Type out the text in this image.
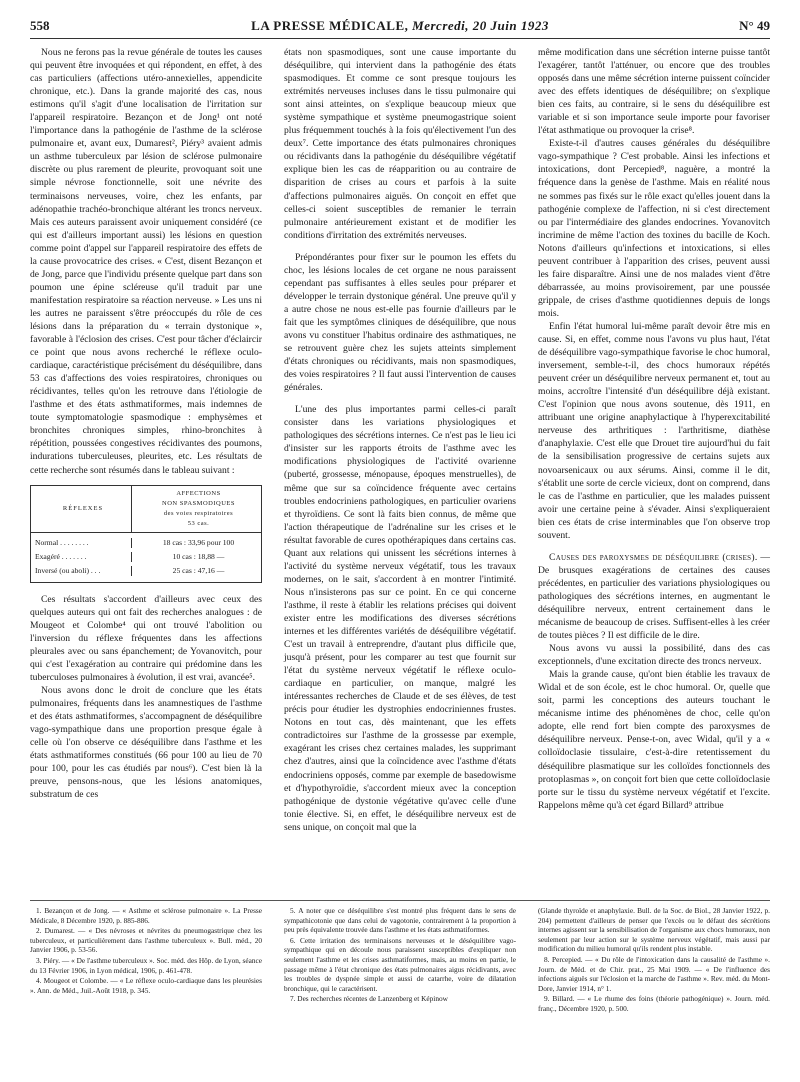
558	LA PRESSE MÉDICALE, Mercredi, 20 Juin 1923	N° 49

Nous ne ferons pas la revue générale de toutes les causes qui peuvent être invoquées et qui répondent, en effet, à des cas particuliers (affections utéro-annexielles, appendicite chronique, etc.). Dans la grande majorité des cas, nous estimons qu'il s'agit d'une localisation de l'irritation sur l'appareil respiratoire. Bezançon et de Jong¹ ont noté l'importance dans la pathogénie de l'asthme de la sclérose pulmonaire et, avant eux, Dumarest², Piéry³ avaient admis un asthme tuberculeux par lésion de sclérose pulmonaire discrète ou plus rarement de pleurite, provoquant soit une simple névrose fonctionnelle, soit une névrite des terminaisons nerveuses, voire, chez les enfants, par adénopathie trachéo-bronchique altérant les troncs nerveux. Mais ces auteurs paraissent avoir uniquement considéré (ce qui est d'ailleurs important aussi) les lésions en question comme point d'appel sur l'appareil respiratoire des effets de la cause provocatrice des crises. « C'est, disent Bezançon et de Jong, parce que l'individu présente quelque part dans son poumon une épine scléreuse qu'il traduit par une manifestation respiratoire sa réaction nerveuse. » Les uns ni les autres ne paraissent s'être préoccupés du rôle de ces lésions dans la préparation du « terrain dystonique », favorable à l'éclosion des crises. C'est pour tâcher d'éclaircir ce point que nous avons recherché le réflexe oculo-cardiaque, caractéristique précisément du déséquilibre, dans 53 cas d'affections des voies respiratoires, chroniques ou récidivantes, telles qu'on les retrouve dans l'étiologie de l'asthme et des états asthmatiformes, mais indemnes de toute symptomatologie spasmodique : emphysèmes et bronchites chroniques simples, rhino-bronchites à répétition, poussées congestives récidivantes des poumons, indurations tuberculeuses, pleurites, etc. Les résultats de cette recherche sont résumés dans le tableau suivant :

RÉFLEXES
AFFECTIONS
NON SPASMODIQUES
des voies respiratoires
53 cas.
Normal . . . . . . . .	18 cas : 33,96 pour 100
Exagéré . . . . . . .	10 cas : 18,88 —
Inversé (ou aboli) . . .	25 cas : 47,16 —

Ces résultats s'accordent d'ailleurs avec ceux des quelques auteurs qui ont fait des recherches analogues : de Mougeot et Colombe⁴ qui ont trouvé l'abolition ou l'inversion du réflexe fréquentes dans les affections pleurales avec ou sans épanchement; de Yovanovitch, pour qui c'est l'exagération au contraire qui prédomine dans les tuberculoses pulmonaires à évolution, il est vrai, avancée⁵.

Nous avons donc le droit de conclure que les états pulmonaires, fréquents dans les anamnestiques de l'asthme et des états asthmatiformes, s'accompagnent de déséquilibre vago-sympathique dans une proportion presque égale à celle où l'on observe ce déséquilibre dans l'asthme et les états asthmatiformes constitués (66 pour 100 au lieu de 70 pour 100, pour les cas étudiés par nous⁶). C'est bien là la preuve, pensons-nous, que les lésions anatomiques, substratum de ces

états non spasmodiques, sont une cause importante du déséquilibre, qui intervient dans la pathogénie des états spasmodiques. Et comme ce sont presque toujours les extrémités nerveuses incluses dans le tissu pulmonaire qui sont ainsi atteintes, on s'explique beaucoup mieux que système sympathique et système pneumogastrique soient plus fréquemment touchés à la fois qu'électivement l'un des deux⁷. Cette importance des états pulmonaires chroniques ou récidivants dans la pathogénie du déséquilibre végétatif explique bien les cas de réapparition ou au contraire de disparition de crises au cours et parfois à la suite d'affections pulmonaires aiguës. On conçoit en effet que celles-ci soient susceptibles de remanier le terrain pulmonaire antérieurement existant et de modifier les conditions d'irritation des extrémités nerveuses.

Prépondérantes pour fixer sur le poumon les effets du choc, les lésions locales de cet organe ne nous paraissent cependant pas suffisantes à elles seules pour préparer et développer le terrain dystonique général. Une preuve qu'il y a autre chose ne nous est-elle pas fournie d'ailleurs par le fait que les symptômes cliniques de déséquilibre, que nous avons vu constituer l'habitus ordinaire des asthmatiques, ne se retrouvent guère chez les sujets atteints simplement d'états chroniques ou récidivants, mais non spasmodiques, des voies respiratoires ? Il faut aussi l'intervention de causes générales.

L'une des plus importantes parmi celles-ci paraît consister dans les variations physiologiques et pathologiques des sécrétions internes. Ce n'est pas le lieu ici d'insister sur les rapports étroits de l'asthme avec les modifications physiologiques de l'activité ovarienne (puberté, grossesse, ménopause, époques menstruelles), de même que sur sa coïncidence fréquente avec certains troubles endocriniens pathologiques, en particulier ovariens et thyroïdiens. Ce sont là faits bien connus, de même que l'action thérapeutique de l'adrénaline sur les crises et le résultat favorable de cures opothérapiques dans certains cas. Quant aux relations qui unissent les sécrétions internes à l'activité du système nerveux végétatif, tous les travaux modernes, on le sait, s'accordent à en montrer l'intimité. Nous n'insisterons pas sur ce point. En ce qui concerne l'asthme, il reste à établir les relations précises qui doivent exister entre les modifications des diverses sécrétions internes et les différentes variétés de déséquilibre végétatif. C'est un travail à entreprendre, d'autant plus difficile que, jusqu'à présent, pour les comparer au test que fournit sur l'état du système nerveux végétatif le réflexe oculo-cardiaque en particulier, on manque, malgré les intéressantes recherches de Claude et de ses élèves, de test précis pour étudier les dystrophies endocriniennes frustes. Notons en tout cas, dès maintenant, que les effets contradictoires sur l'asthme de la grossesse par exemple, exagérant les crises chez certaines malades, les supprimant chez d'autres, ainsi que la coïncidence avec l'asthme d'états endocriniens opposés, comme par exemple de basedowisme et d'hypothyroïdie, s'accordent mieux avec la conception pathogénique de dystonie végétative qu'avec celle d'une tonie élective. Si, en effet, le déséquilibre nerveux est de sens unique, on conçoit mal que la

même modification dans une sécrétion interne puisse tantôt l'exagérer, tantôt l'atténuer, ou encore que des troubles opposés dans une même sécrétion interne puissent coïncider avec des effets identiques de déséquilibre; on s'explique bien ces faits, au contraire, si le sens du déséquilibre est variable et si son importance seule importe pour favoriser l'état asthmatique ou provoquer la crise⁸.

Existe-t-il d'autres causes générales du déséquilibre vago-sympathique ? C'est probable. Ainsi les infections et intoxications, dont Percepied⁸, naguère, a montré la fréquence dans la genèse de l'asthme. Mais en réalité nous ne sommes pas fixés sur le rôle exact qu'elles jouent dans la pathogénie complexe de l'affection, ni si c'est directement ou par l'intermédiaire des glandes endocrines. Yovanovitch incrimine de même l'action des toxines du bacille de Koch. Notons d'ailleurs qu'infections et intoxications, si elles peuvent contribuer à l'apparition des crises, peuvent aussi les faire disparaître. Ainsi une de nos malades vient d'être débarrassée, au moins provisoirement, par une poussée grippale, de crises d'asthme quotidiennes depuis de longs mois.

Enfin l'état humoral lui-même paraît devoir être mis en cause. Si, en effet, comme nous l'avons vu plus haut, l'état de déséquilibre vago-sympathique favorise le choc humoral, inversement, semble-t-il, des chocs humoraux répétés peuvent créer un déséquilibre nerveux permanent et, tout au moins, accroître l'intensité d'un déséquilibre déjà existant. C'est l'opinion que nous avons soutenue, dès 1911, en attribuant une origine anaphylactique à l'hyperexcitabilité nerveuse des arthritiques : l'arthritisme, diathèse d'anaphylaxie. C'est elle que Drouet tire aujourd'hui du fait de la sensibilisation progressive de certains sujets aux novoarsenicaux ou aux sérums. Ainsi, comme il le dit, s'établit une sorte de cercle vicieux, dont on comprend, dans le cas de l'asthme en particulier, que les malades puissent avoir une certaine peine à s'évader. Ainsi s'expliqueraient bien ces états de crise interminables que l'on observe trop souvent.

Causes des paroxysmes de déséquilibre (crises). — De brusques exagérations de certaines des causes précédentes, en particulier des variations physiologiques ou pathologiques des sécrétions internes, en augmentant le déséquilibre nerveux, entrent certainement dans le mécanisme de beaucoup de crises. Suffisent-elles à les créer de toutes pièces ? Il est difficile de le dire.

Nous avons vu aussi la possibilité, dans des cas exceptionnels, d'une excitation directe des troncs nerveux.

Mais la grande cause, qu'ont bien établie les travaux de Widal et de son école, est le choc humoral. Or, quelle que soit, parmi les conceptions des auteurs touchant le mécanisme intime des phénomènes de choc, celle qu'on adopte, elle rend fort bien compte des paroxysmes de déséquilibre nerveux. Pense-t-on, avec Widal, qu'il y a « colloïdoclasie tissulaire, c'est-à-dire retentissement du déséquilibre plasmatique sur les colloïdes fonctionnels des protoplasmas », on conçoit fort bien que cette colloïdoclasie porte sur le tissu du système nerveux végétatif et l'excite. Rappelons même qu'à cet égard Billard⁹ attribue

1. Bezançon et de Jong. — « Asthme et sclérose pulmonaire ». La Presse Médicale, 8 Décembre 1920, p. 885-886.

2. Dumarest. — « Des névroses et névrites du pneumogastrique chez les tuberculeux, et particulièrement dans l'asthme tuberculeux ». Bull. méd., 20 Janvier 1906, p. 53-56.

3. Piéry. — « De l'asthme tuberculeux ». Soc. méd. des Hôp. de Lyon, séance du 13 Février 1906, in Lyon médical, 1906, p. 461-478.

4. Mougeot et Colombe. — « Le réflexe oculo-cardiaque dans les pleurésies ». Ann. de Méd., Juil.-Août 1918, p. 345.

5. A noter que ce déséquilibre s'est montré plus fréquent dans le sens de sympathicotonie que dans celui de vagotonie, contrairement à la proportion à peu près équivalente trouvée dans l'asthme et les états asthmatiformes.

6. Cette irritation des terminaisons nerveuses et le déséquilibre vago-sympathique qui en découle nous paraissent susceptibles d'expliquer non seulement l'asthme et les crises asthmatiformes, mais, au moins en partie, le passage même à l'état chronique des états pulmonaires aigus récidivants, avec les troubles de dyspnée simple et aussi de catarrhe, voire de dilatation bronchique, qui le caractérisent.

7. Des recherches récentes de Lanzenberg et Képinow

(Glande thyroïde et anaphylaxie. Bull. de la Soc. de Biol., 28 Janvier 1922, p. 204) permettent d'ailleurs de penser que l'excès ou le défaut des sécrétions internes agissent sur la sensibilisation de l'organisme aux chocs humoraux, non seulement par leur action sur le système nerveux végétatif, mais aussi par modification du milieu humoral qu'ils rendent plus instable.

8. Percepied. — « Du rôle de l'intoxication dans la causalité de l'asthme ». Journ. de Méd. et de Chir. prat., 25 Mai 1909. — « De l'influence des infections aiguës sur l'éclosion et la marche de l'asthme ». Rev. méd. du Mont-Dore, Janvier 1914, n° 1.

9. Billard. — « Le rhume des foins (théorie pathogénique) ». Journ. méd. franç., Décembre 1920, p. 500.
